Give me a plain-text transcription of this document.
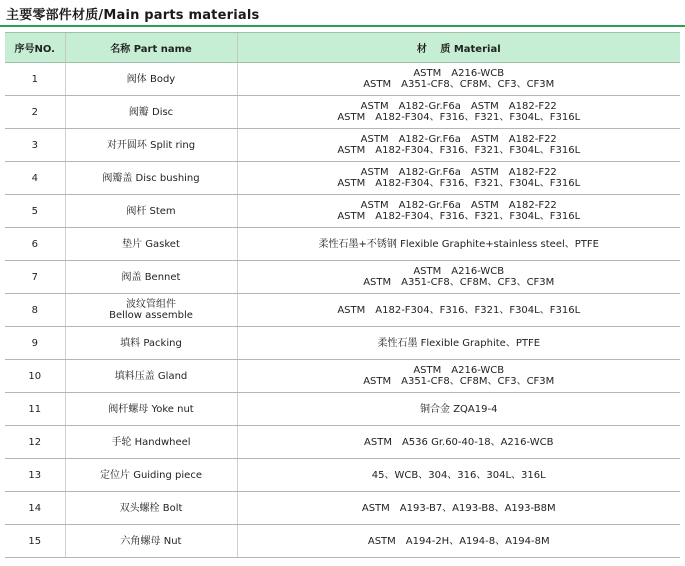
主要零部件材质/Main parts materials
序号NO.	名称 Part name	材　 质 Material
1	阀体 Body	ASTM　A216-WCB
ASTM　A351-CF8、CF8M、CF3、CF3M

2	阀瓣 Disc	ASTM　A182-Gr.F6a　ASTM　A182-F22
ASTM　A182-F304、F316、F321、F304L、F316L

3	对开圆环 Split ring	ASTM　A182-Gr.F6a　ASTM　A182-F22
ASTM　A182-F304、F316、F321、F304L、F316L

4	阀瓣盖 Disc bushing	ASTM　A182-Gr.F6a　ASTM　A182-F22
ASTM　A182-F304、F316、F321、F304L、F316L

5	阀杆 Stem	ASTM　A182-Gr.F6a　ASTM　A182-F22
ASTM　A182-F304、F316、F321、F304L、F316L

6	垫片 Gasket	柔性石墨+不锈钢 Flexible Graphite+stainless steel、PTFE

7	阀盖 Bennet	ASTM　A216-WCB
ASTM　A351-CF8、CF8M、CF3、CF3M

8	波纹管组件
Bellow assemble	ASTM　A182-F304、F316、F321、F304L、F316L

9	填料 Packing	柔性石墨 Flexible Graphite、PTFE

10	填料压盖 Gland	ASTM　A216-WCB
ASTM　A351-CF8、CF8M、CF3、CF3M

11	阀杆螺母 Yoke nut	铜合金 ZQA19-4

12	手轮 Handwheel	ASTM　A536 Gr.60-40-18、A216-WCB

13	定位片 Guiding piece	45、WCB、304、316、304L、316L

14	双头螺栓 Bolt	ASTM　A193-B7、A193-B8、A193-B8M

15	六角螺母 Nut	ASTM　A194-2H、A194-8、A194-8M
